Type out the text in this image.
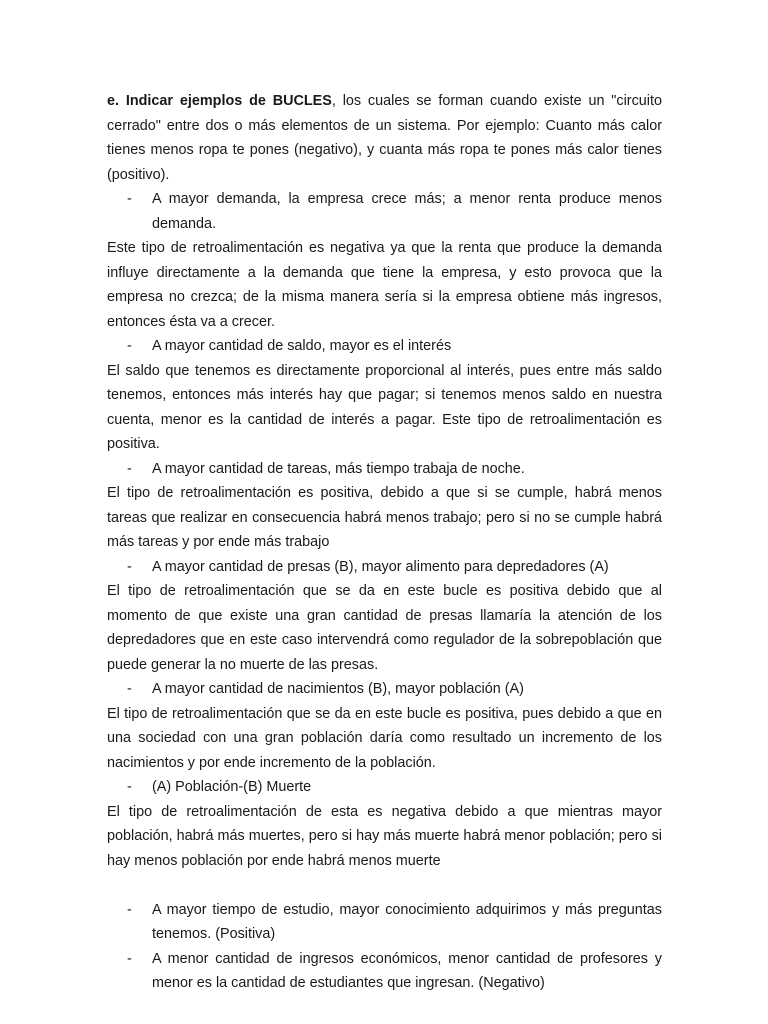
e. Indicar ejemplos de BUCLES, los cuales se forman cuando existe un "circuito cerrado" entre dos o más elementos de un sistema. Por ejemplo: Cuanto más calor tienes menos ropa te pones (negativo), y cuanta más ropa te pones más calor tienes (positivo).

- A mayor demanda, la empresa crece más; a menor renta produce menos demanda.

Este tipo de retroalimentación es negativa ya que la renta que produce la demanda influye directamente a la demanda que tiene la empresa, y esto provoca que la empresa no crezca; de la misma manera sería si la empresa obtiene más ingresos, entonces ésta va a crecer.

- A mayor cantidad de saldo, mayor es el interés

El saldo que tenemos es directamente proporcional al interés, pues entre más saldo tenemos, entonces más interés hay que pagar; si tenemos menos saldo en nuestra cuenta, menor es la cantidad de interés a pagar. Este tipo de retroalimentación es positiva.

- A mayor cantidad de tareas, más tiempo trabaja de noche.

El tipo de retroalimentación es positiva, debido a que si se cumple, habrá menos tareas que realizar en consecuencia habrá menos trabajo; pero si no se cumple habrá más tareas y por ende más trabajo

- A mayor cantidad de presas (B), mayor alimento para depredadores (A)

El tipo de retroalimentación que se da en este bucle es positiva debido que al momento de que existe una gran cantidad de presas llamaría la atención de los depredadores que en este caso intervendrá como regulador de la sobrepoblación que puede generar la no muerte de las presas.

- A mayor cantidad de nacimientos (B), mayor población (A)

El tipo de retroalimentación que se da en este bucle es positiva, pues debido a que en una sociedad con una gran población daría como resultado un incremento de los nacimientos y por ende incremento de la población.

- (A) Población-(B) Muerte

El tipo de retroalimentación de esta es negativa debido a que mientras mayor población, habrá más muertes, pero si hay más muerte habrá menor población; pero si hay menos población por ende habrá menos muerte

- A mayor tiempo de estudio, mayor conocimiento adquirimos y más preguntas tenemos. (Positiva)

- A menor cantidad de ingresos económicos, menor cantidad de profesores y menor es la cantidad de estudiantes que ingresan. (Negativo)
